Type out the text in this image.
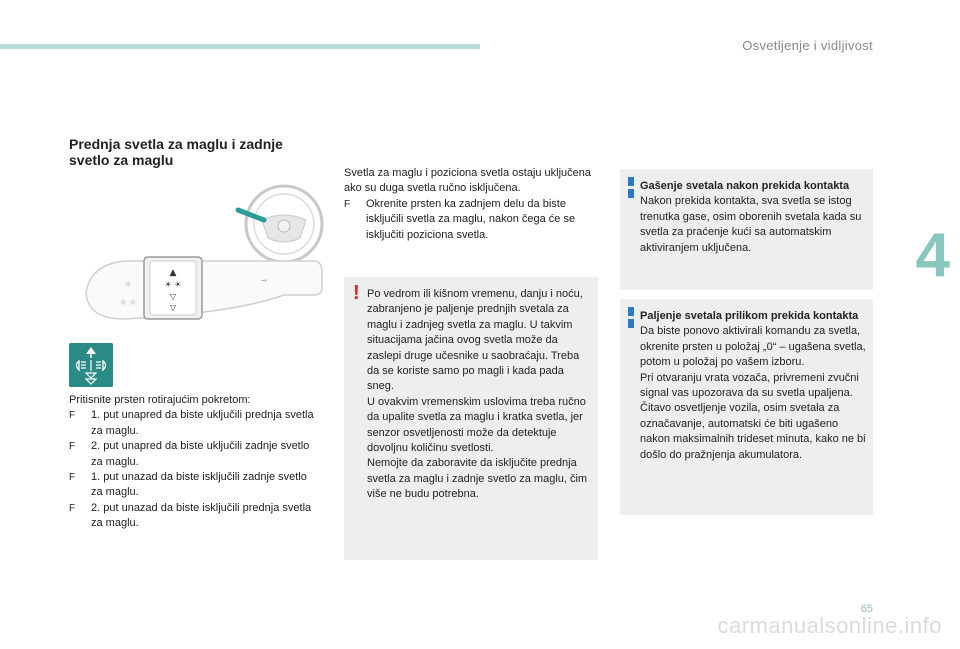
Osvetljenje i vidljivost
4
Prednja svetla za maglu i zadnje
svetlo za maglu
▲
☀ ☀
▽
▽
☼
☼ ☼
⊸
Pritisnite prsten rotirajućim pokretom:
F 1. put unapred da biste uključili prednja svetla za maglu.
F 2. put unapred da biste uključili zadnje svetlo za maglu.
F 1. put unazad da biste isključili zadnje svetlo za maglu.
F 2. put unazad da biste isključili prednja svetla za maglu.
Svetla za maglu i poziciona svetla ostaju uključena ako su duga svetla ručno isključena.
F Okrenite prsten ka zadnjem delu da biste isključili svetla za maglu, nakon čega će se isključiti poziciona svetla.
! Po vedrom ili kišnom vremenu, danju i noću, zabranjeno je paljenje prednjih svetala za maglu i zadnjeg svetla za maglu. U takvim situacijama jačina ovog svetla može da zaslepi druge učesnike u saobraćaju. Treba da se koriste samo po magli i kada pada sneg.
U ovakvim vremenskim uslovima treba ručno da upalite svetla za maglu i kratka svetla, jer senzor osvetljenosti može da detektuje dovoljnu količinu svetlosti.
Nemojte da zaboravite da isključite prednja svetla za maglu i zadnje svetlo za maglu, čim više ne budu potrebna.
Gašenje svetala nakon prekida kontakta
Nakon prekida kontakta, sva svetla se istog trenutka gase, osim oborenih svetala kada su svetla za praćenje kući sa automatskim aktiviranjem uključena.
Paljenje svetala prilikom prekida kontakta
Da biste ponovo aktivirali komandu za svetla, okrenite prsten u položaj „0“ – ugašena svetla, potom u položaj po vašem izboru.
Pri otvaranju vrata vozača, privremeni zvučni signal vas upozorava da su svetla upaljena.
Čitavo osvetljenje vozila, osim svetala za označavanje, automatski će biti ugašeno nakon maksimalnih trideset minuta, kako ne bi došlo do pražnjenja akumulatora.
65
carmanualsonline.info
